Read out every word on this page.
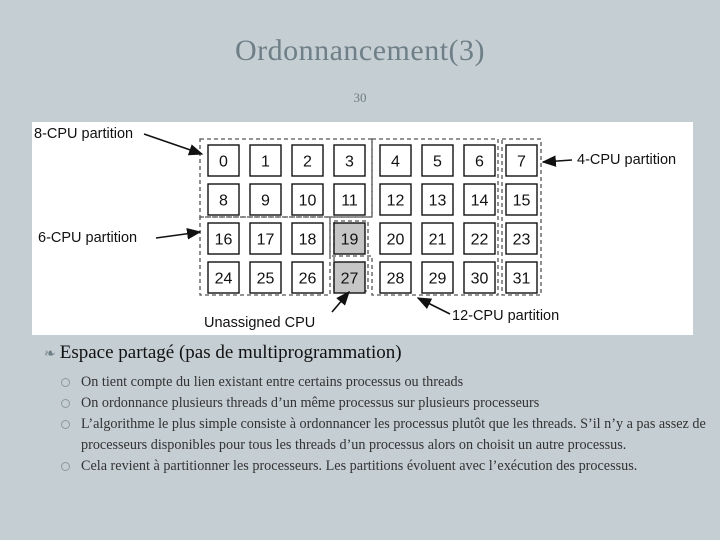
Ordonnancement(3)
30
0 1 2 3 4 5 6 7
8 9 10 11 12 13 14 15
16 17 18 19 20 21 22 23
24 25 26 27 28 29 30 31
8-CPU partition
4-CPU partition
6-CPU partition
Unassigned CPU	12-CPU partition
❧ Espace partagé (pas de multiprogrammation)
On tient compte du lien existant entre certains processus ou threads
On ordonnance plusieurs threads d’un même processus sur plusieurs processeurs
L’algorithme le plus simple consiste à ordonnancer les processus plutôt que les threads. S’il n’y a pas assez de processeurs disponibles pour tous les threads d’un processus alors on choisit un autre processus.
Cela revient à partitionner les processeurs. Les partitions évoluent avec l’exécution des processus.
